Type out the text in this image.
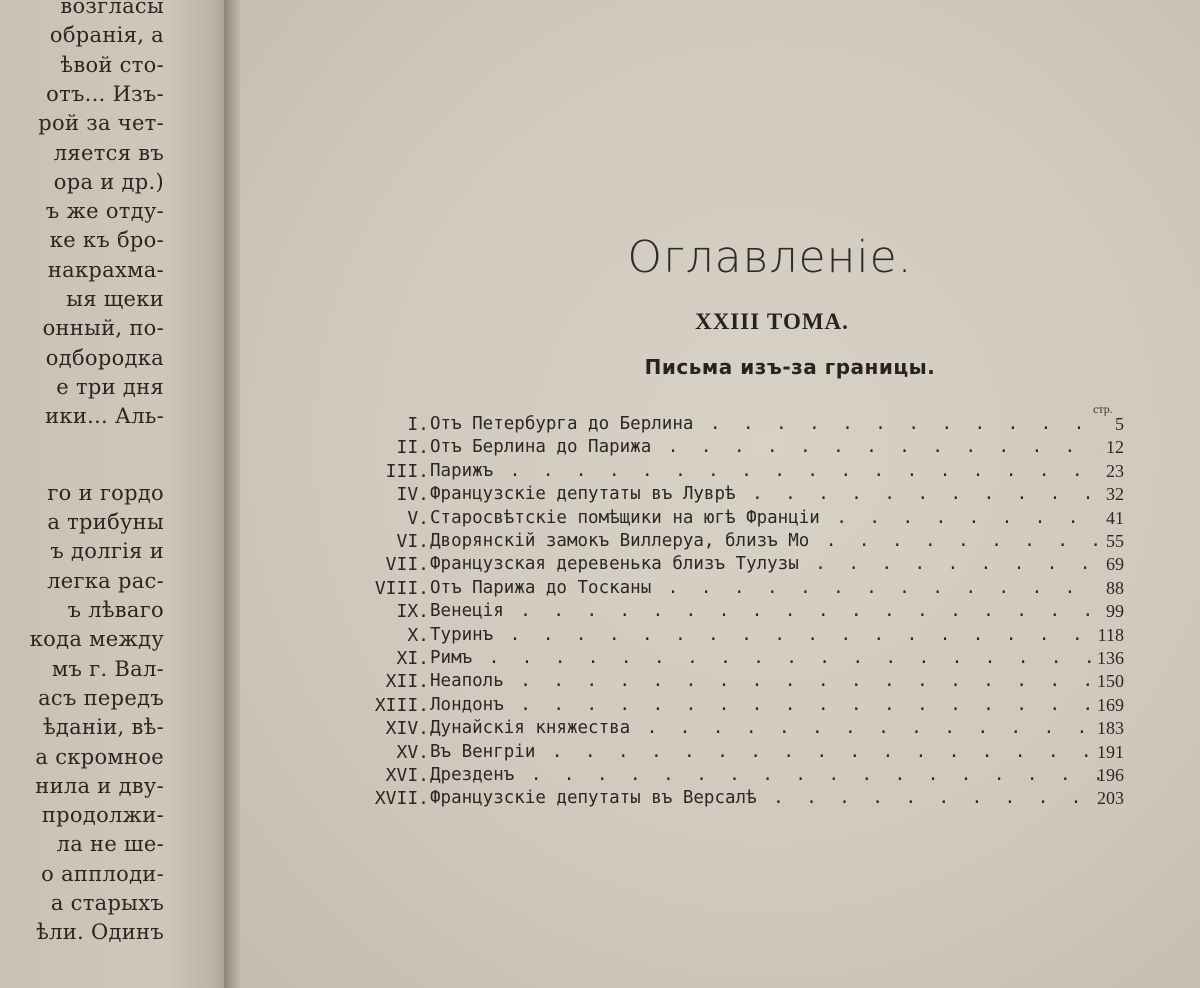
возгласы
обранія, а
ѣвой сто-
отъ... Изъ-
рой за чет-
ляется въ
ора и др.)
ъ же отду-
ке къ бро-
накрахма-
ыя щеки
онный, по-
одбородка
е три дня
ики... Аль-
го и гордо
а трибуны
ъ долгія и
легка рас-
ъ лѣваго
кода между
мъ г. Вал-
асъ передъ
ѣданіи, вѣ-
а скромное
нила и дву-
продолжи-
ла не ше-
о апплоди-
а старыхъ
ѣли. Одинъ
Оглавленіе.
XXIII ТОМА.
Письма изъ-за границы.
стр.
I. Отъ Петербурга до Берлина . . .	5
II. Отъ Берлина до Парижа . . .	12
III. Парижъ . . .	23
IV. Французскіе депутаты въ Луврѣ . . .	32
V. Старосвѣтскіе помѣщики на югѣ Франціи . . .	41
VI. Дворянскій замокъ Виллеруа, близъ Мо . . .	55
VII. Французская деревенька близъ Тулузы . . .	69
VIII. Отъ Парижа до Тосканы . . .	88
IX. Венеція . . .	99
X. Туринъ . . .	118
XI. Римъ . . .	136
XII. Неаполь . . .	150
XIII. Лондонъ . . .	169
XIV. Дунайскія княжества . . .	183
XV. Въ Венгріи . . .	191
XVI. Дрезденъ . . .	196
XVII. Французскіе депутаты въ Версалѣ . . .	203
